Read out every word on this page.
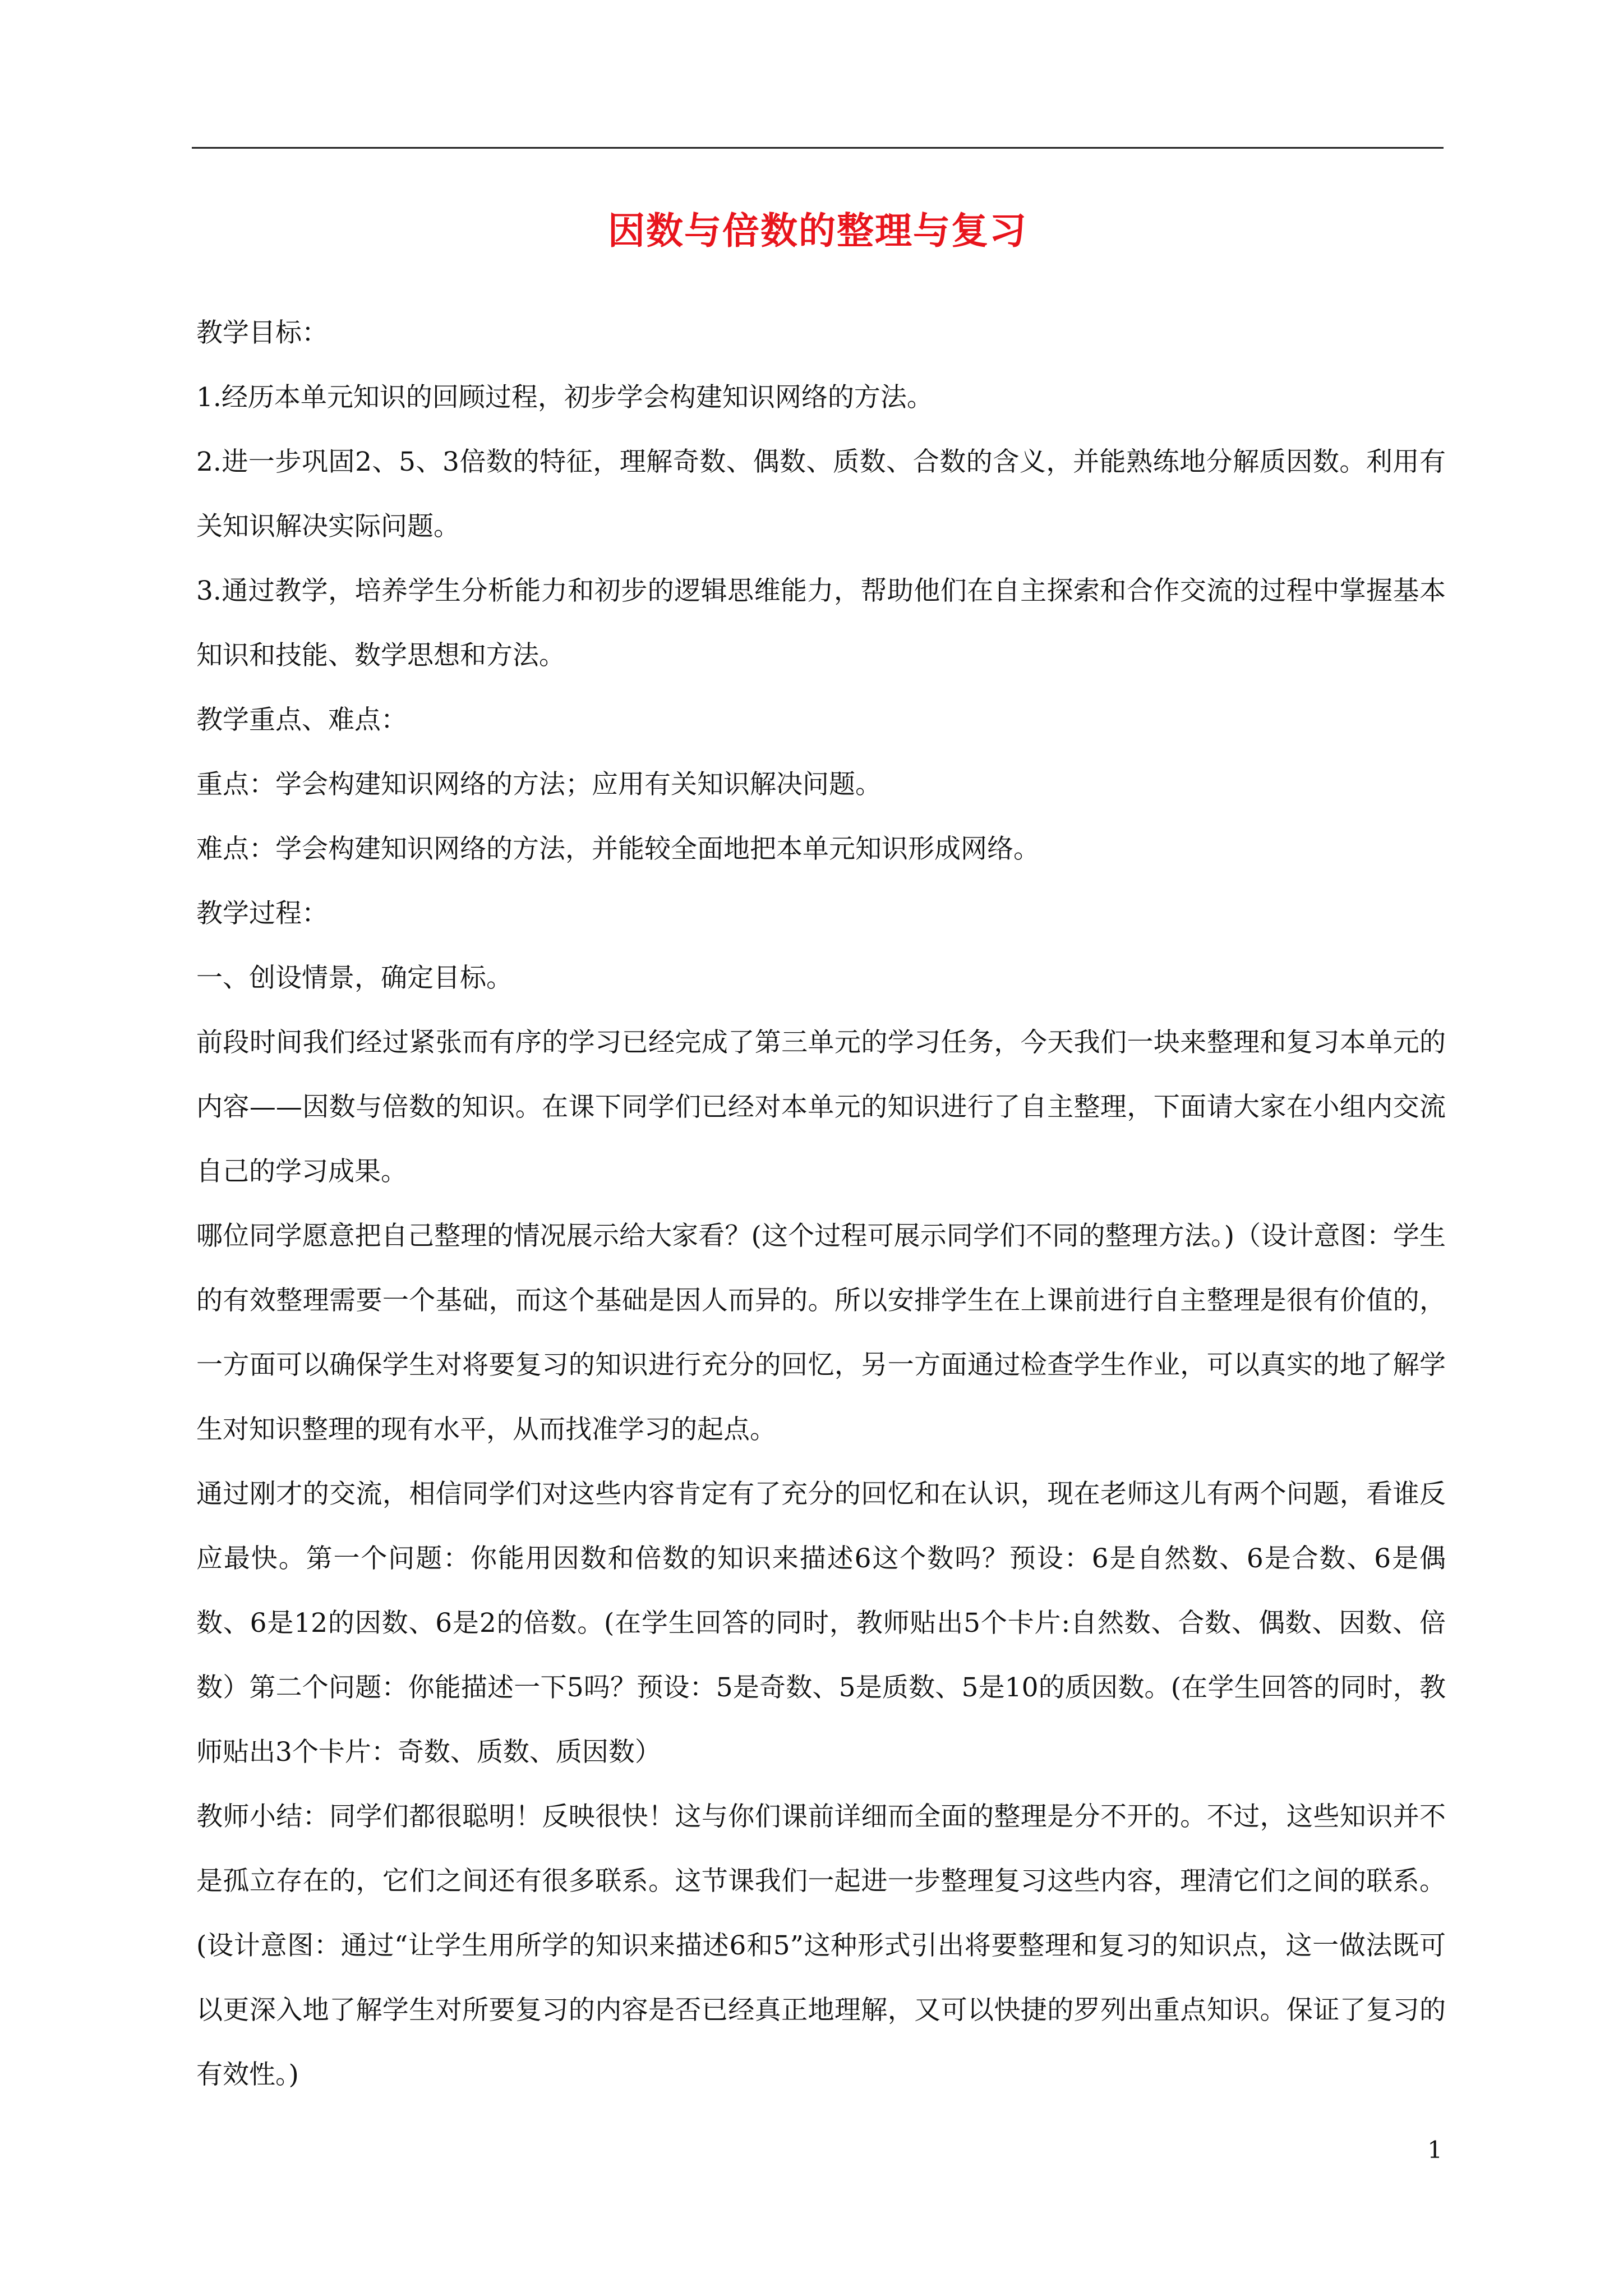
因数与倍数的整理与复习

教学目标：

1.经历本单元知识的回顾过程，初步学会构建知识网络的方法。

2.进一步巩固2、5、3倍数的特征，理解奇数、偶数、质数、合数的含义，并能熟练地分解质因数。利用有关知识解决实际问题。

3.通过教学，培养学生分析能力和初步的逻辑思维能力，帮助他们在自主探索和合作交流的过程中掌握基本知识和技能、数学思想和方法。

教学重点、难点：

重点：学会构建知识网络的方法；应用有关知识解决问题。

难点：学会构建知识网络的方法，并能较全面地把本单元知识形成网络。

教学过程：

一、创设情景，确定目标。

前段时间我们经过紧张而有序的学习已经完成了第三单元的学习任务，今天我们一块来整理和复习本单元的内容——因数与倍数的知识。在课下同学们已经对本单元的知识进行了自主整理，下面请大家在小组内交流自己的学习成果。

哪位同学愿意把自己整理的情况展示给大家看？(这个过程可展示同学们不同的整理方法。)（设计意图：学生的有效整理需要一个基础，而这个基础是因人而异的。所以安排学生在上课前进行自主整理是很有价值的，一方面可以确保学生对将要复习的知识进行充分的回忆，另一方面通过检查学生作业，可以真实的地了解学生对知识整理的现有水平，从而找准学习的起点。

通过刚才的交流，相信同学们对这些内容肯定有了充分的回忆和在认识，现在老师这儿有两个问题，看谁反应最快。第一个问题：你能用因数和倍数的知识来描述6这个数吗？预设：6是自然数、6是合数、6是偶数、6是12的因数、6是2的倍数。(在学生回答的同时，教师贴出5个卡片:自然数、合数、偶数、因数、倍数）第二个问题：你能描述一下5吗？预设：5是奇数、5是质数、5是10的质因数。(在学生回答的同时，教师贴出3个卡片：奇数、质数、质因数）

教师小结：同学们都很聪明！反映很快！这与你们课前详细而全面的整理是分不开的。不过，这些知识并不是孤立存在的，它们之间还有很多联系。这节课我们一起进一步整理复习这些内容，理清它们之间的联系。(设计意图：通过“让学生用所学的知识来描述6和5”这种形式引出将要整理和复习的知识点，这一做法既可以更深入地了解学生对所要复习的内容是否已经真正地理解，又可以快捷的罗列出重点知识。保证了复习的有效性。)

1
